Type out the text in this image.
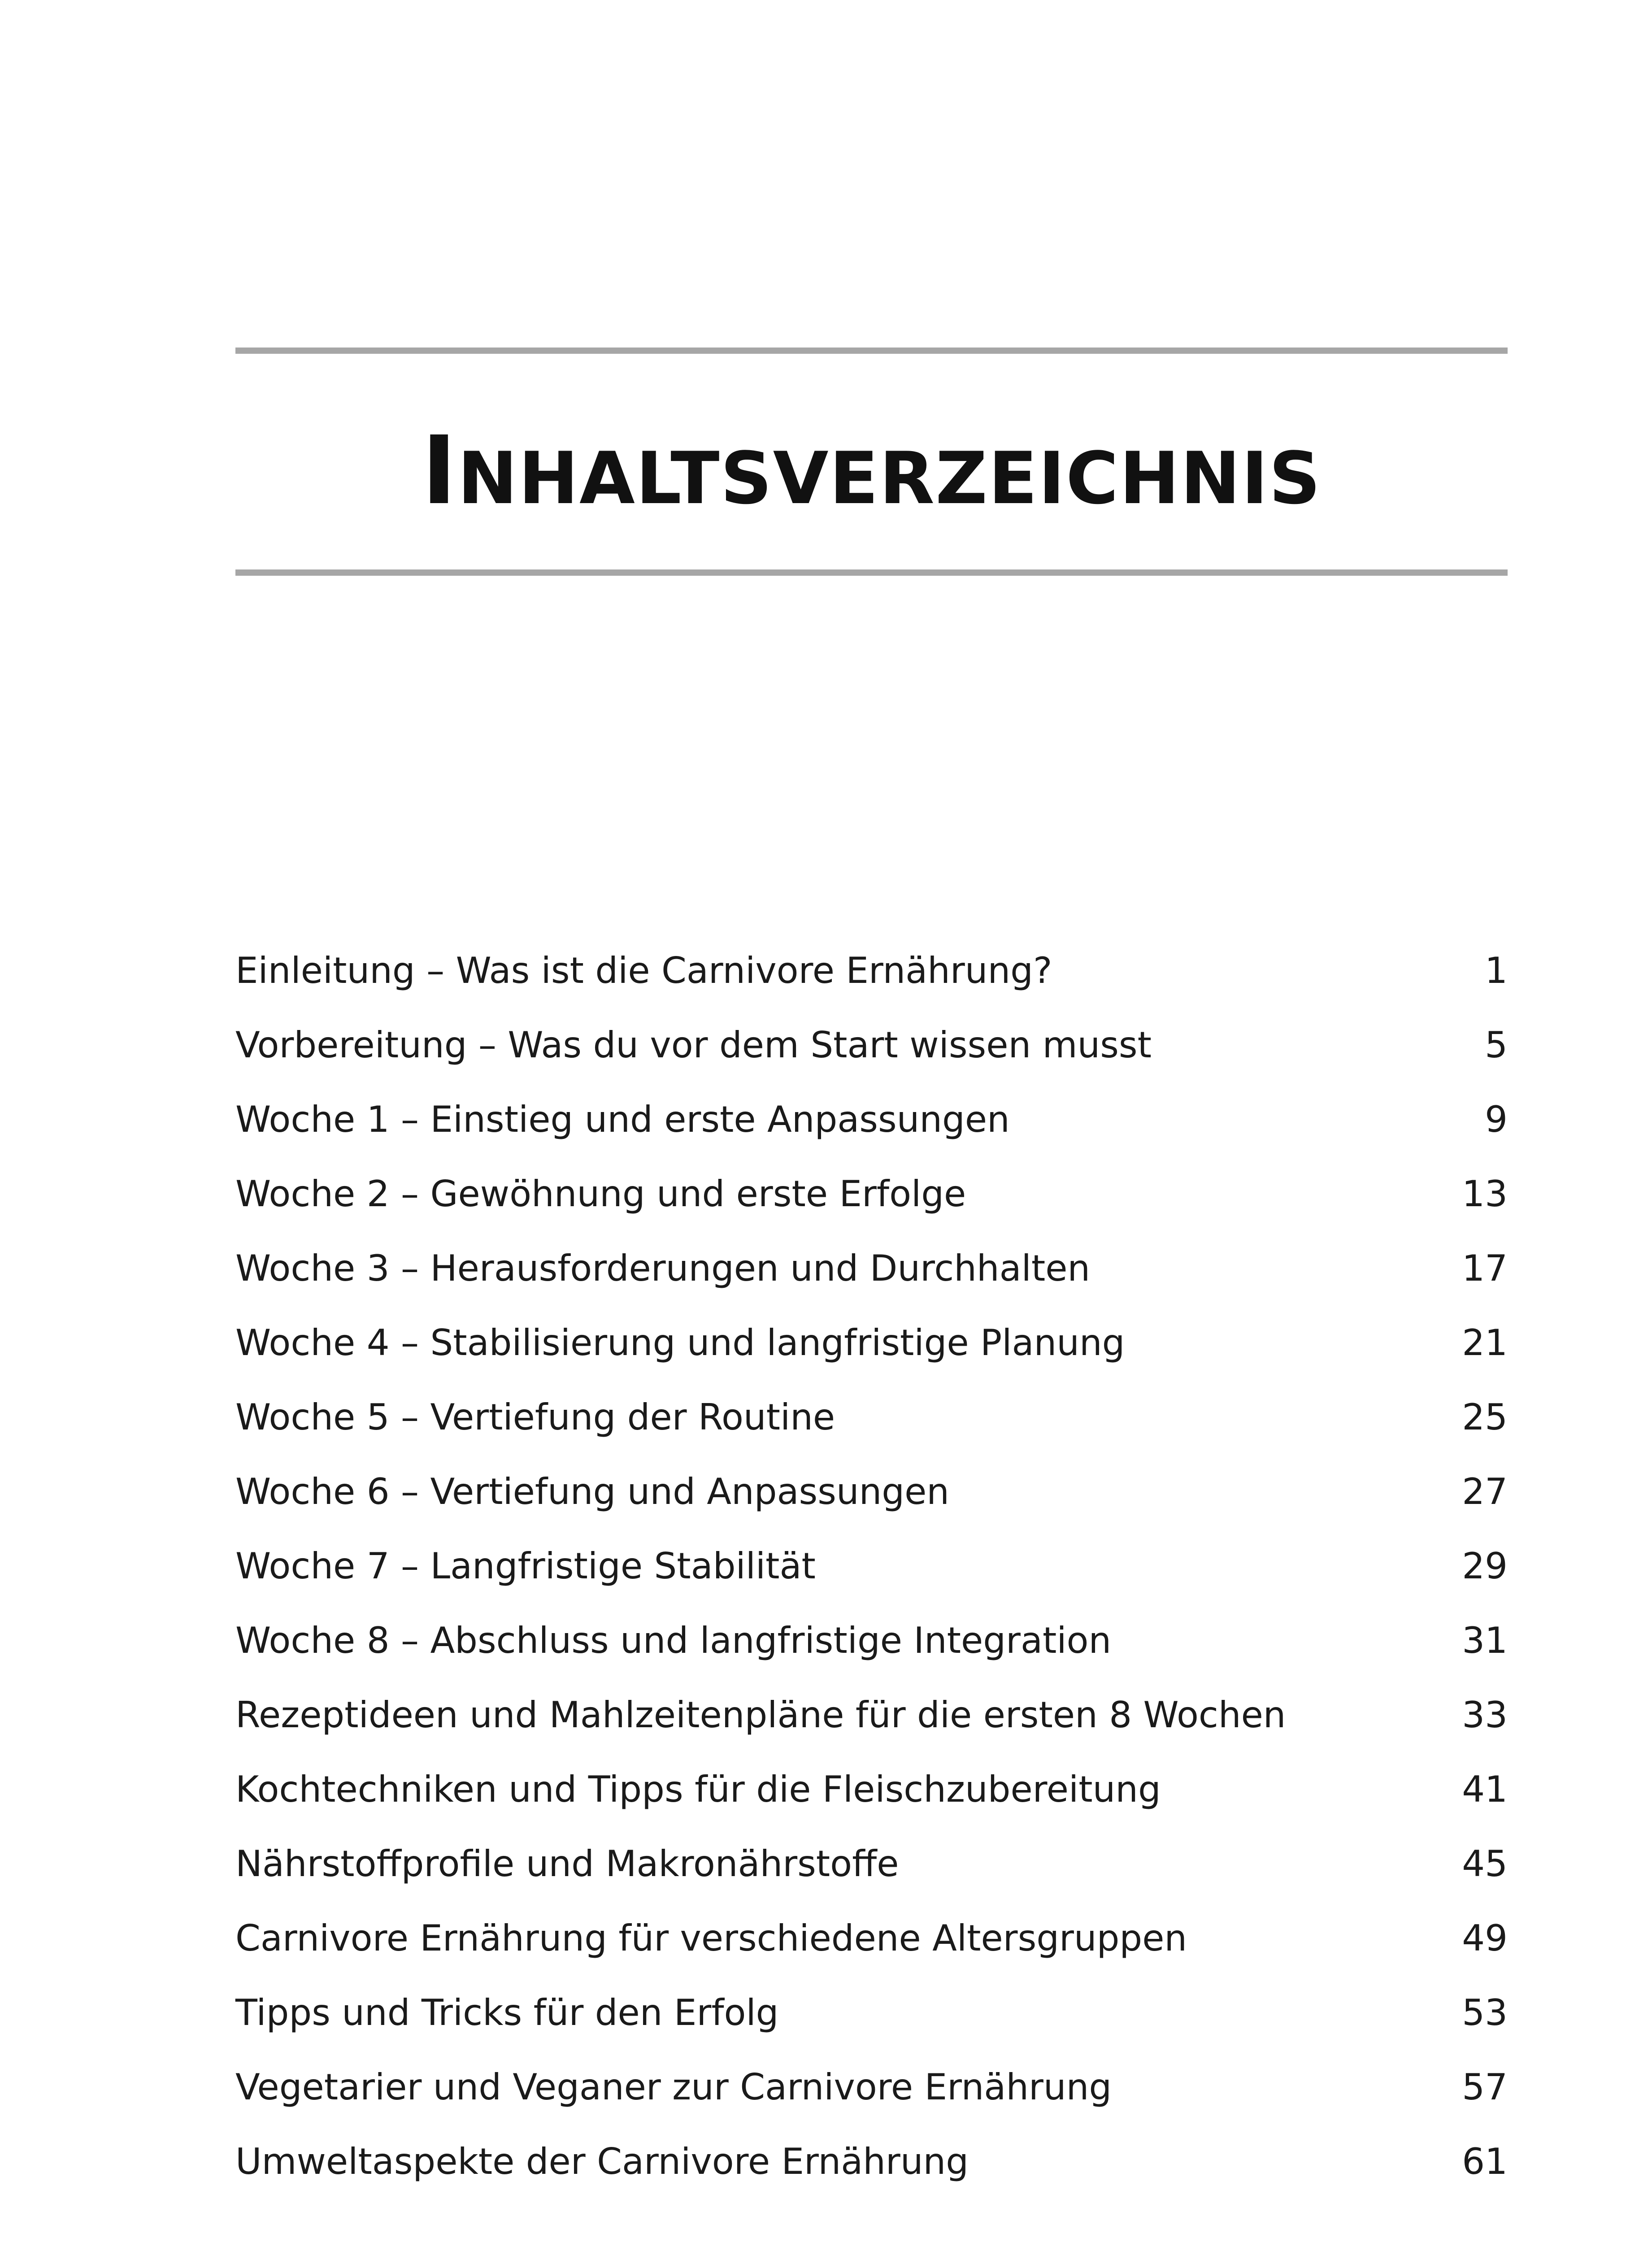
INHALTSVERZEICHNIS
Einleitung – Was ist die Carnivore Ernährung?	1
Vorbereitung – Was du vor dem Start wissen musst	5
Woche 1 – Einstieg und erste Anpassungen	9
Woche 2 – Gewöhnung und erste Erfolge	13
Woche 3 – Herausforderungen und Durchhalten	17
Woche 4 – Stabilisierung und langfristige Planung	21
Woche 5 – Vertiefung der Routine	25
Woche 6 – Vertiefung und Anpassungen	27
Woche 7 – Langfristige Stabilität	29
Woche 8 – Abschluss und langfristige Integration	31
Rezeptideen und Mahlzeitenpläne für die ersten 8 Wochen	33
Kochtechniken und Tipps für die Fleischzubereitung	41
Nährstoffprofile und Makronährstoffe	45
Carnivore Ernährung für verschiedene Altersgruppen	49
Tipps und Tricks für den Erfolg	53
Vegetarier und Veganer zur Carnivore Ernährung	57
Umweltaspekte der Carnivore Ernährung	61
